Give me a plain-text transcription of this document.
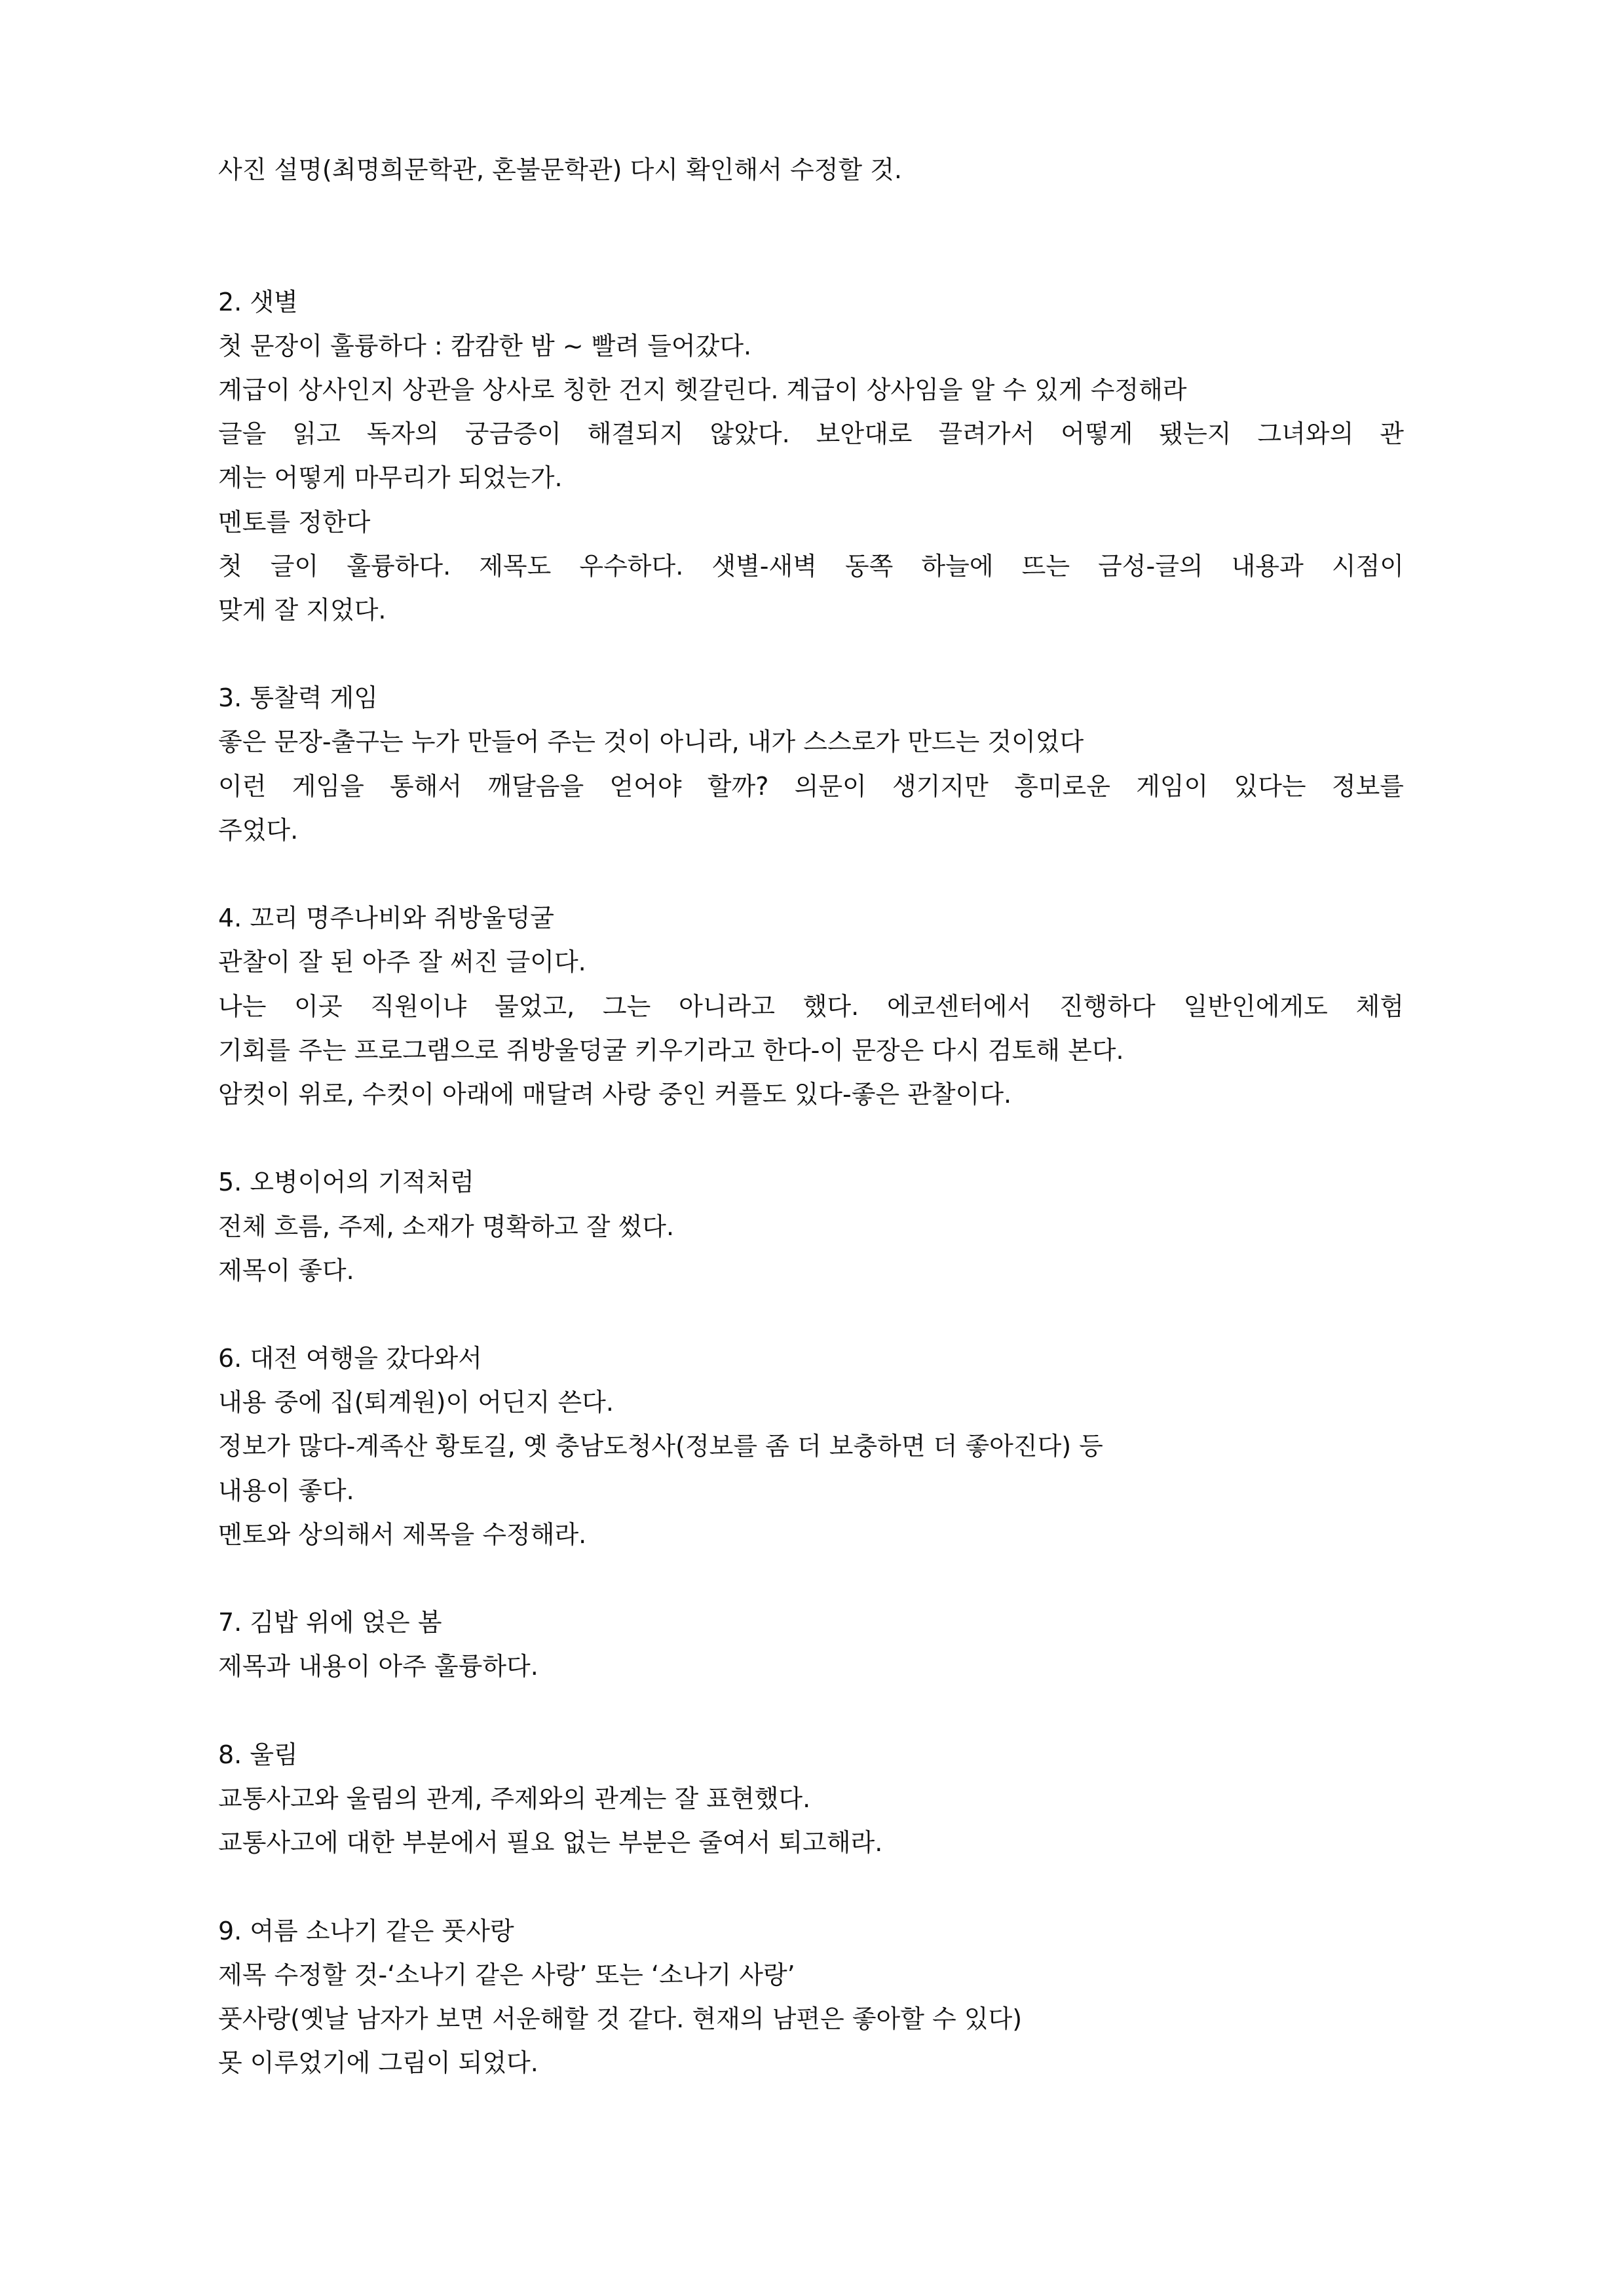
사진 설명(최명희문학관, 혼불문학관) 다시 확인해서 수정할 것.
2. 샛별
첫 문장이 훌륭하다 : 캄캄한 밤 ~ 빨려 들어갔다.
계급이 상사인지 상관을 상사로 칭한 건지 헷갈린다. 계급이 상사임을 알 수 있게 수정해라
글을 읽고 독자의 궁금증이 해결되지 않았다. 보안대로 끌려가서 어떻게 됐는지 그녀와의 관
계는 어떻게 마무리가 되었는가.
멘토를 정한다
첫 글이 훌륭하다. 제목도 우수하다. 샛별-새벽 동쪽 하늘에 뜨는 금성-글의 내용과 시점이
맞게 잘 지었다.
3. 통찰력 게임
좋은 문장-출구는 누가 만들어 주는 것이 아니라, 내가 스스로가 만드는 것이었다
이런 게임을 통해서 깨달음을 얻어야 할까? 의문이 생기지만 흥미로운 게임이 있다는 정보를
주었다.
4. 꼬리 명주나비와 쥐방울덩굴
관찰이 잘 된 아주 잘 써진 글이다.
나는 이곳 직원이냐 물었고, 그는 아니라고 했다. 에코센터에서 진행하다 일반인에게도 체험
기회를 주는 프로그램으로 쥐방울덩굴 키우기라고 한다-이 문장은 다시 검토해 본다.
암컷이 위로, 수컷이 아래에 매달려 사랑 중인 커플도 있다-좋은 관찰이다.
5. 오병이어의 기적처럼
전체 흐름, 주제, 소재가 명확하고 잘 썼다.
제목이 좋다.
6. 대전 여행을 갔다와서
내용 중에 집(퇴계원)이 어딘지 쓴다.
정보가 많다-계족산 황토길, 옛 충남도청사(정보를 좀 더 보충하면 더 좋아진다) 등
내용이 좋다.
멘토와 상의해서 제목을 수정해라.
7. 김밥 위에 얹은 봄
제목과 내용이 아주 훌륭하다.
8. 울림
교통사고와 울림의 관계, 주제와의 관계는 잘 표현했다.
교통사고에 대한 부분에서 필요 없는 부분은 줄여서 퇴고해라.
9. 여름 소나기 같은 풋사랑
제목 수정할 것-‘소나기 같은 사랑’ 또는 ‘소나기 사랑’
풋사랑(옛날 남자가 보면 서운해할 것 같다. 현재의 남편은 좋아할 수 있다)
못 이루었기에 그림이 되었다.
